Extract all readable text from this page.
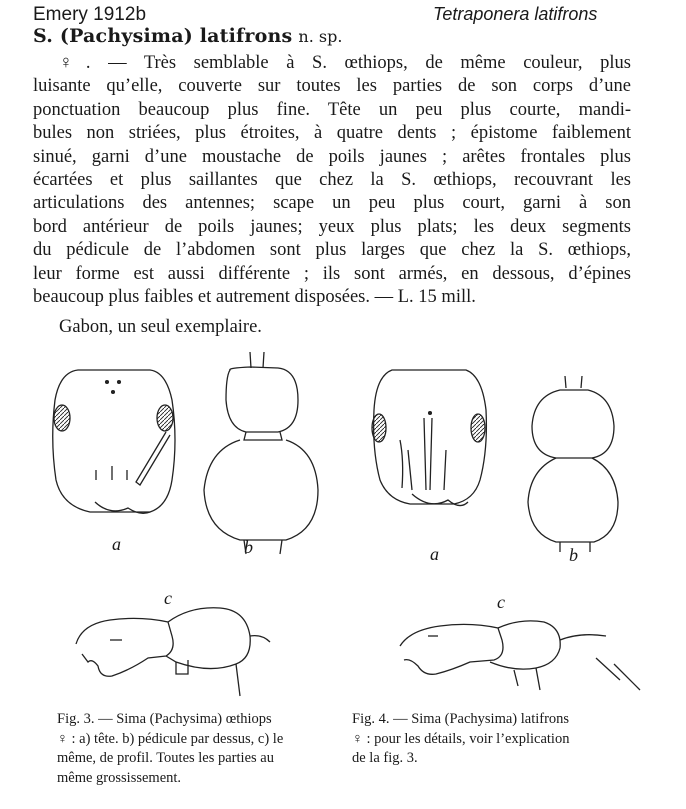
Emery 1912b	Tetraponera latifrons
S. (Pachysima) latifrons n. sp.
♀. — Très semblable à S. œthiops, de même couleur, plus
luisante qu’elle, couverte sur toutes les parties de son corps d’une
ponctuation beaucoup plus fine. Tête un peu plus courte, mandi-
bules non striées, plus étroites, à quatre dents ; épistome faiblement
sinué, garni d’une moustache de poils jaunes ; arêtes frontales plus
écartées et plus saillantes que chez la S. œthiops, recouvrant les
articulations des antennes; scape un peu plus court, garni à son
bord antérieur de poils jaunes; yeux plus plats; les deux segments
du pédicule de l’abdomen sont plus larges que chez la S. œthiops,
leur forme est aussi différente ; ils sont armés, en dessous, d’épines
beaucoup plus faibles et autrement disposées. — L. 15 mill.
Gabon, un seul exemplaire.
a	b
c
a	b
c
Fig. 3. — Sima (Pachysima) œthiops
♀ : a) tête. b) pédicule par dessus, c) le
même, de profil. Toutes les parties au
même grossissement.
Fig. 4. — Sima (Pachysima) latifrons
♀ : pour les détails, voir l’explication
de la fig. 3.
